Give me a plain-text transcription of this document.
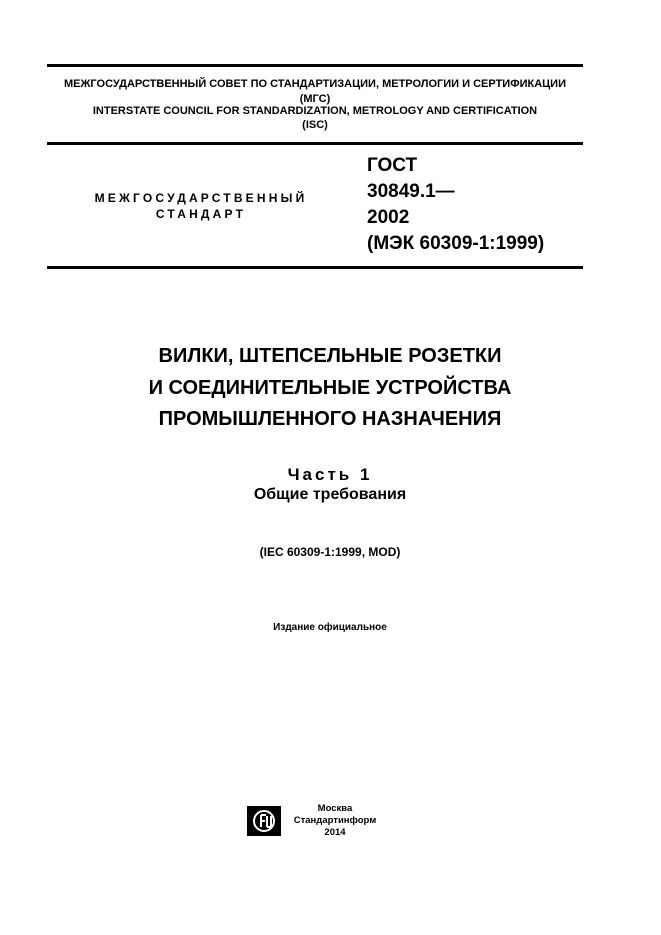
МЕЖГОСУДАРСТВЕННЫЙ СОВЕТ ПО СТАНДАРТИЗАЦИИ, МЕТРОЛОГИИ И СЕРТИФИКАЦИИ
(МГС)
INTERSTATE COUNCIL FOR STANDARDIZATION, METROLOGY AND CERTIFICATION
(ISC)
МЕЖГОСУДАРСТВЕННЫЙ
СТАНДАРТ
ГОСТ
30849.1—
2002
(МЭК 60309-1:1999)
ВИЛКИ, ШТЕПСЕЛЬНЫЕ РОЗЕТКИ
И СОЕДИНИТЕЛЬНЫЕ УСТРОЙСТВА
ПРОМЫШЛЕННОГО НАЗНАЧЕНИЯ
Часть 1
Общие требования
(IEC 60309-1:1999, MOD)
Издание официальное
Москва
Стандартинформ
2014
